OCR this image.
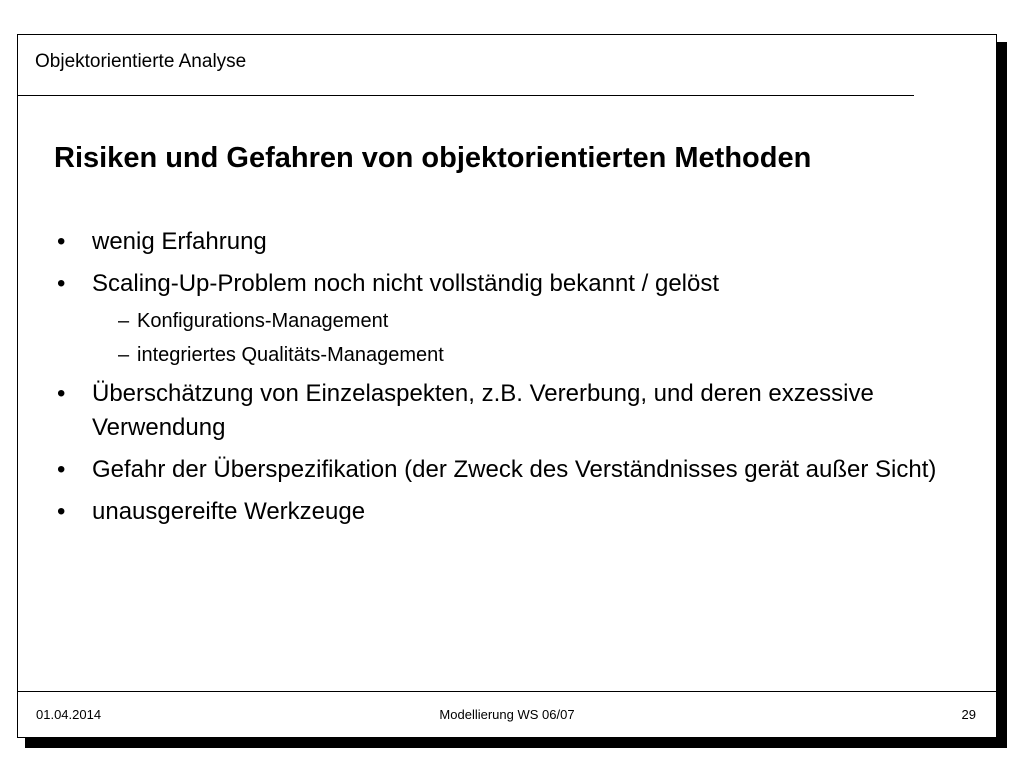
Objektorientierte Analyse
Risiken und Gefahren von objektorientierten Methoden
• wenig Erfahrung
• Scaling-Up-Problem noch nicht vollständig bekannt / gelöst
– Konfigurations-Management
– integriertes Qualitäts-Management
• Überschätzung von Einzelaspekten, z.B. Vererbung, und deren exzessive Verwendung
• Gefahr der Überspezifikation (der Zweck des Verständnisses gerät außer Sicht)
• unausgereifte Werkzeuge
01.04.2014	Modellierung WS 06/07	29
